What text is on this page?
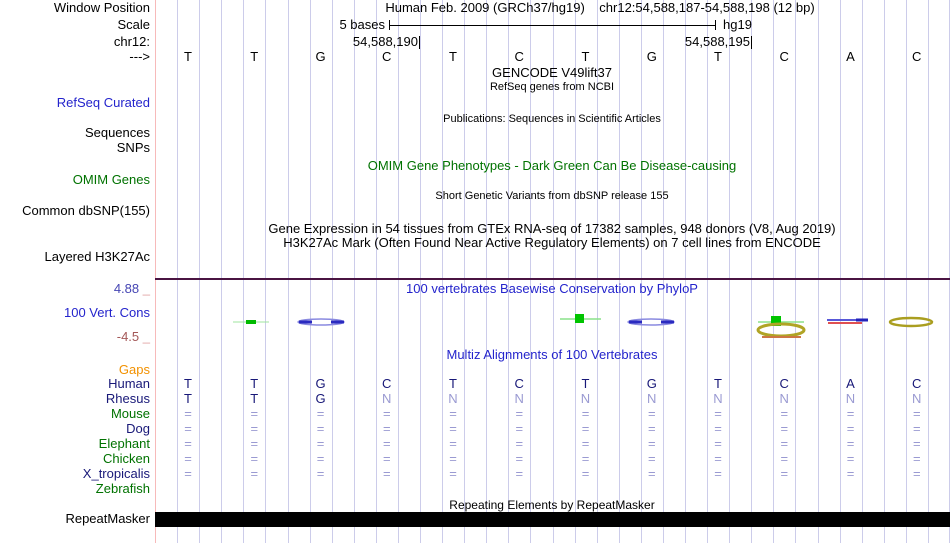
Human Feb. 2009 (GRCh37/hg19) chr12:54,588,187-54,588,198 (12 bp)
5 bases	hg19
54,588,190	54,588,195
GENCODE V49lift37
RefSeq genes from NCBI
Publications: Sequences in Scientific Articles
OMIM Gene Phenotypes - Dark Green Can Be Disease-causing
Short Genetic Variants from dbSNP release 155
Gene Expression in 54 tissues from GTEx RNA-seq of 17382 samples, 948 donors (V8, Aug 2019)
H3K27Ac Mark (Often Found Near Active Regulatory Elements) on 7 cell lines from ENCODE
100 vertebrates Basewise Conservation by PhyloP
4.88 _
-4.5 _
Multiz Alignments of 100 Vertebrates
Repeating Elements by RepeatMasker
T	T	G	C	T	C	T	G	T	C	A	C
Window Position
Scale
chr12:
--->
RefSeq Curated
Sequences
SNPs
OMIM Genes
Common dbSNP(155)
Layered H3K27Ac
100 Vert. Cons
RepeatMasker
Gaps
Human	T	T	G	C	T	C	T	G	T	C	A	C
Rhesus	T	T	G	N	N	N	N	N	N	N	N	N
Mouse	=	=	=	=	=	=	=	=	=	=	=	=
Dog	=	=	=	=	=	=	=	=	=	=	=	=
Elephant	=	=	=	=	=	=	=	=	=	=	=	=
Chicken	=	=	=	=	=	=	=	=	=	=	=	=
X_tropicalis	=	=	=	=	=	=	=	=	=	=	=	=
Zebrafish
